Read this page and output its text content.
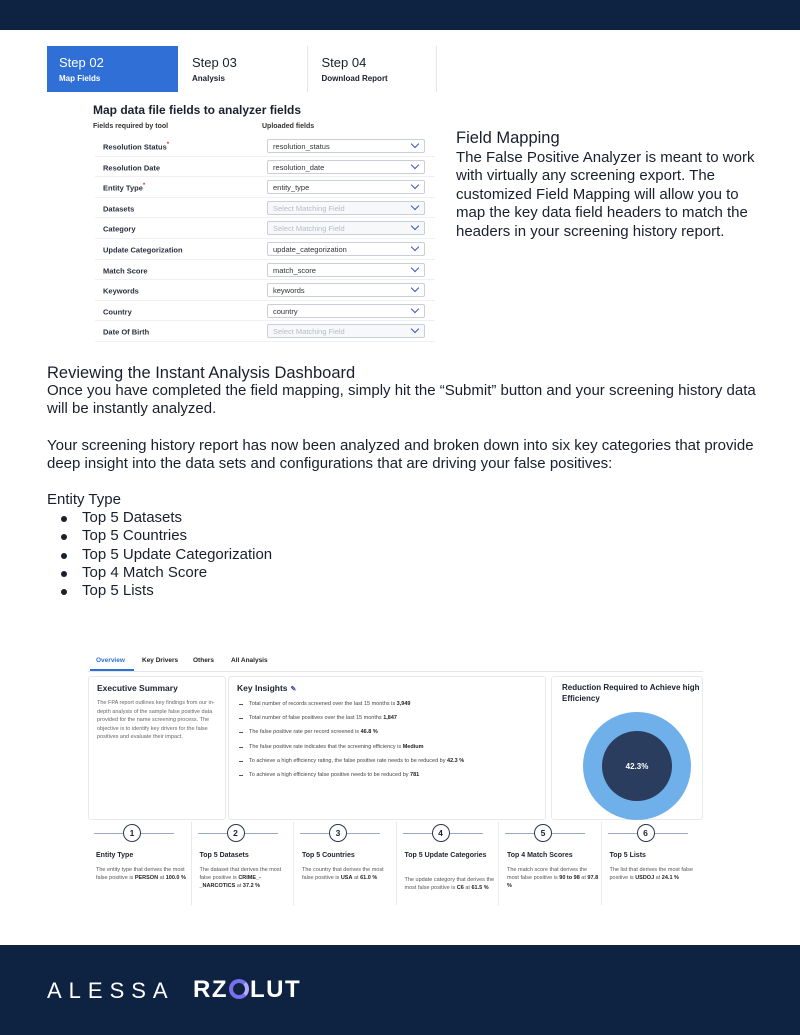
Step 02
Map Fields
Step 03
Analysis
Step 04
Download Report
Map data file fields to analyzer fields
Fields required by tool	Uploaded fields
Resolution Status*	resolution_status
Resolution Date	resolution_date
Entity Type*	entity_type
Datasets	Select Matching Field
Category	Select Matching Field
Update Categorization	update_categorization
Match Score	match_score
Keywords	keywords
Country	country
Date Of Birth	Select Matching Field
Field Mapping
The False Positive Analyzer is meant to work with virtually any screening export. The customized Field Mapping will allow you to map the key data field headers to match the headers in your screening history report.
Reviewing the Instant Analysis Dashboard

Once you have completed the field mapping, simply hit the “Submit” button and your screening history data will be instantly analyzed.

Your screening history report has now been analyzed and broken down into six key categories that provide deep insight into the data sets and configurations that are driving your false positives:

Entity Type
Top 5 Datasets
Top 5 Countries
Top 5 Update Categorization
Top 4 Match Score
Top 5 Lists
Overview	Key Drivers Others	All Analysis
Executive Summary
The FPA report outlines key findings from our in-depth analysis of the sample false positive data provided for the name screening process. The objective is to identify key drivers for the false positives and evaluate their impact.
Key Insights ✎
Total number of records screened over the last 15 months is 3,949
Total number of false positives over the last 15 months 1,847
The false positive rate per record screened is 46.8 %
The false positive rate indicates that the screening efficiency is Medium
To achieve a high efficiency rating, the false positive rate needs to be reduced by 42.3 %
To achieve a high efficiency false positive needs to be reduced by 781
Reduction Required to Achieve high Efficiency
42.3%
1
Entity Type
The entity type that derives the most false positive is PERSON at 100.0 %
2
Top 5 Datasets
The dataset that derives the most false positive is CRIME_-_NARCOTICS at 37.2 %
3
Top 5 Countries
The country that derives the most false positive is USA at 61.0 %
4
Top 5 Update Categories
The update category that derives the most false positive is C6 at 61.5 %
5
Top 4 Match Scores
The match score that derives the most false positive is 90 to 98 at 97.8 %
6
Top 5 Lists
The list that derives the most false positive is USDOJ at 24.1 %
ALESSA RZ LUT
